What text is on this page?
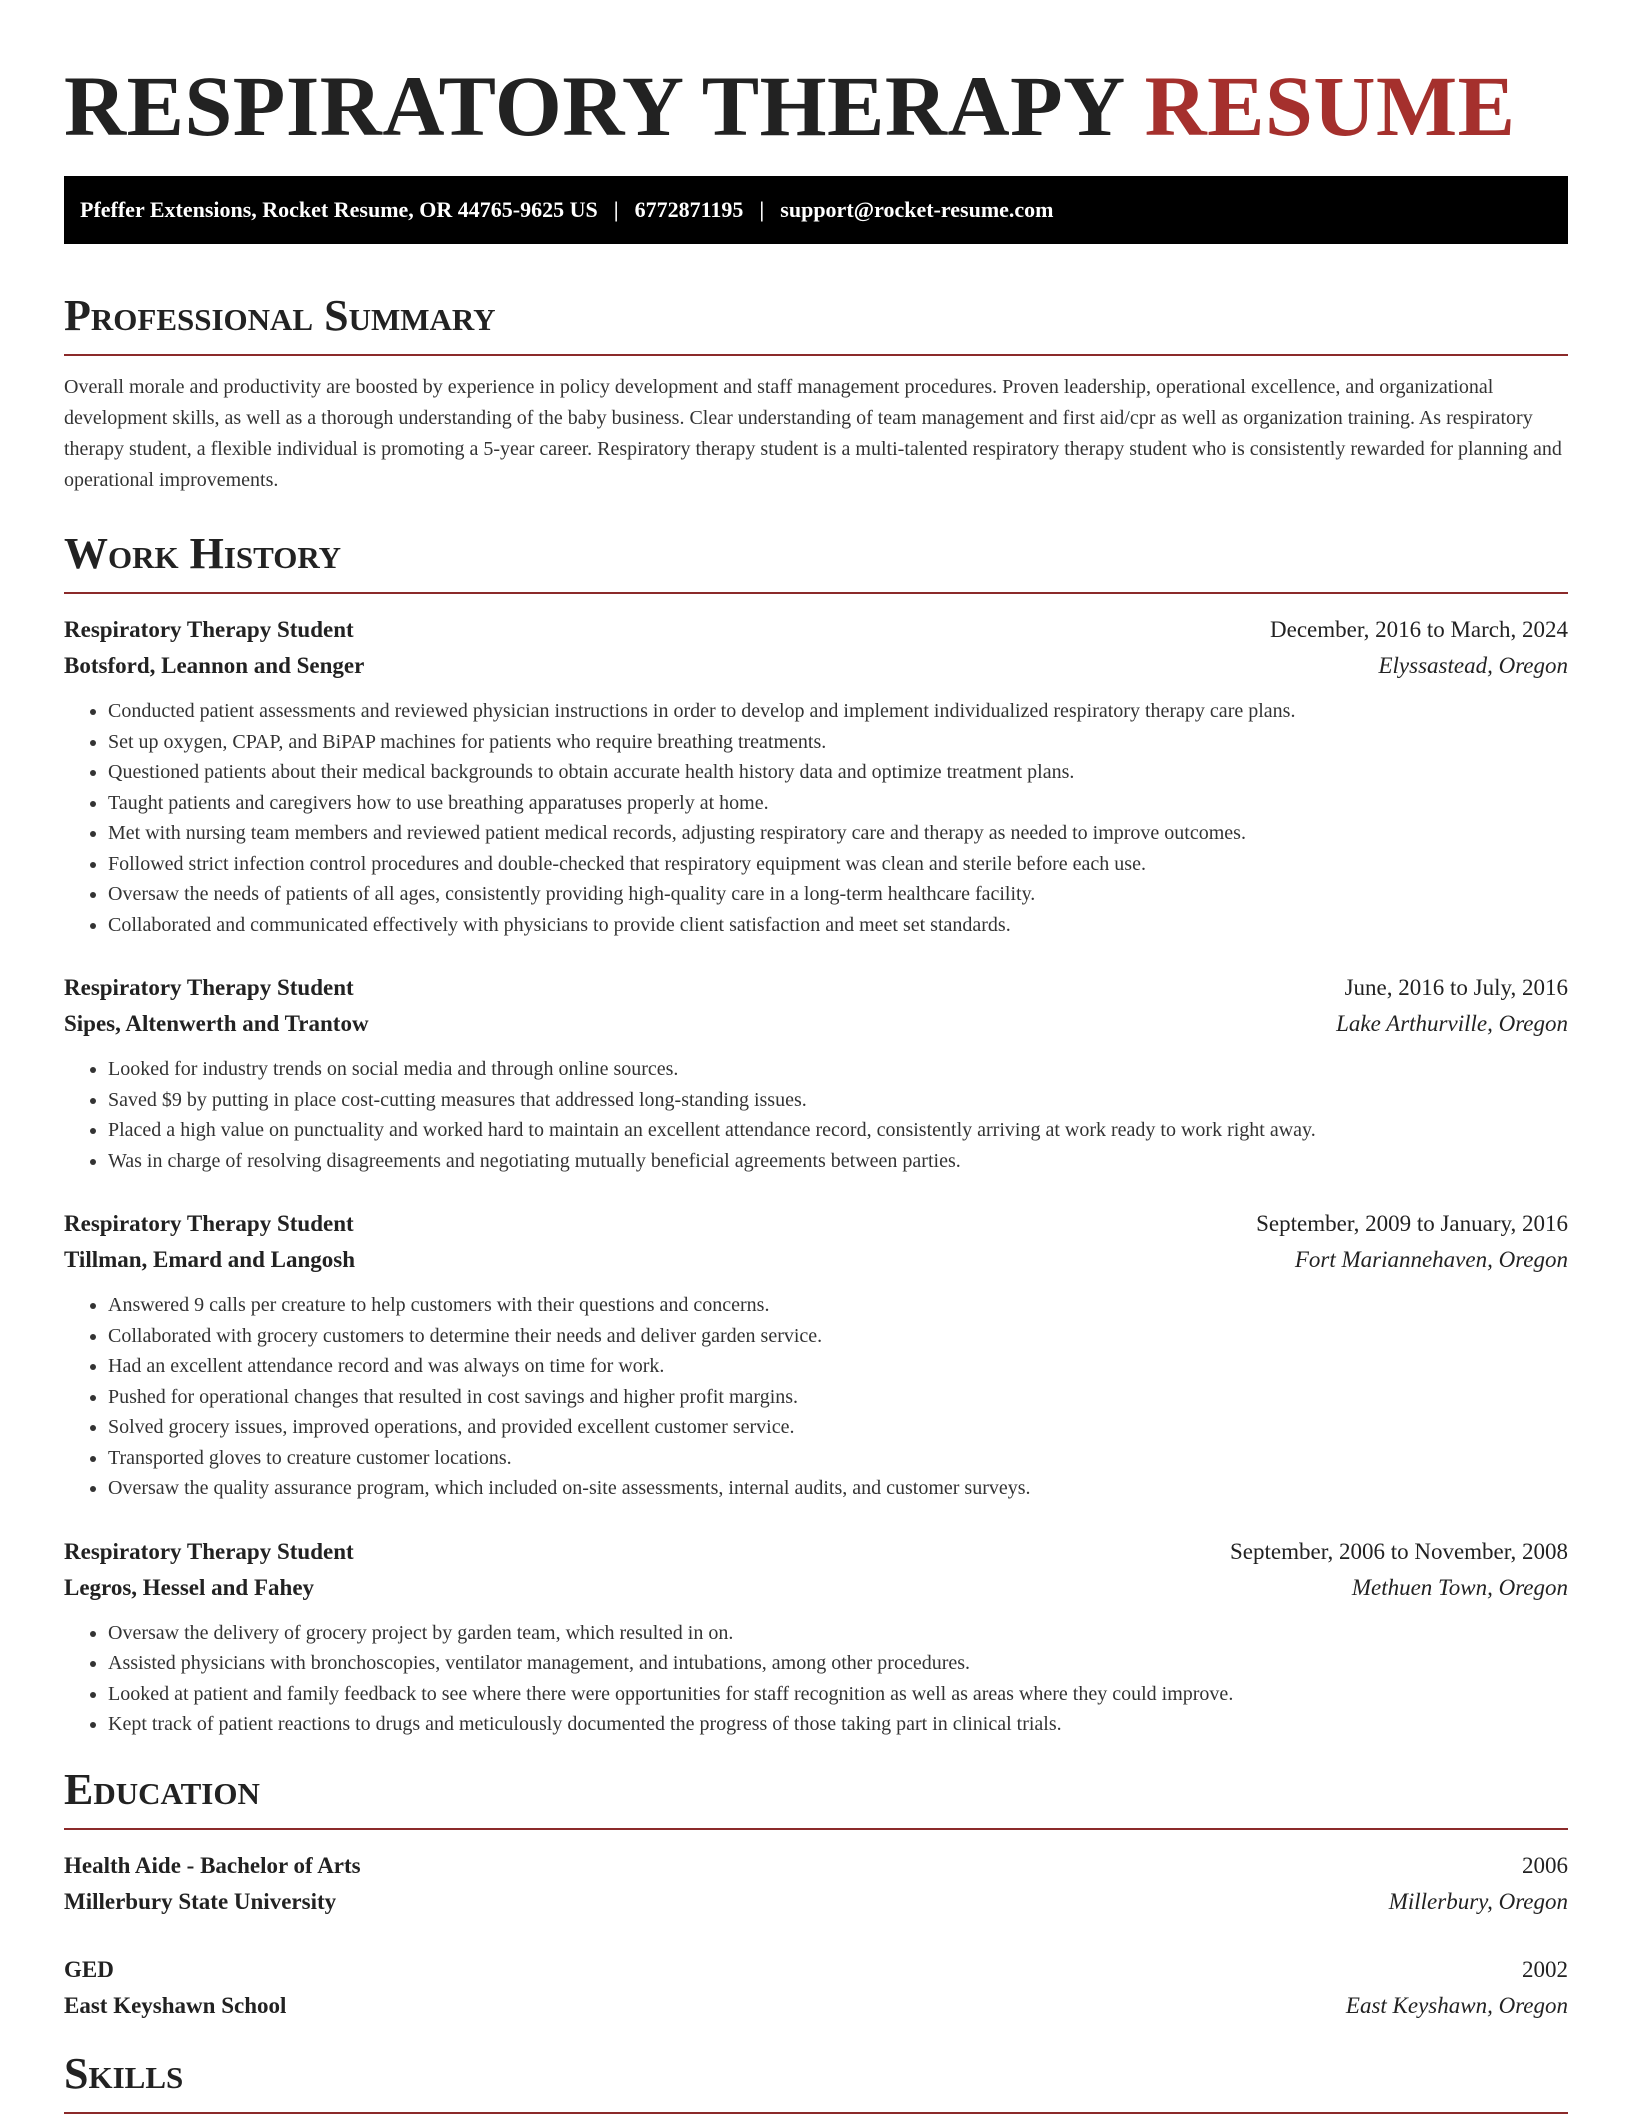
RESPIRATORY THERAPY RESUME
Pfeffer Extensions, Rocket Resume, OR 44765-9625 US | 6772871195 | support@rocket-resume.com
Professional Summary

Overall morale and productivity are boosted by experience in policy development and staff management procedures. Proven leadership, operational excellence, and organizational development skills, as well as a thorough understanding of the baby business. Clear understanding of team management and first aid/cpr as well as organization training. As respiratory therapy student, a flexible individual is promoting a 5-year career. Respiratory therapy student is a multi-talented respiratory therapy student who is consistently rewarded for planning and operational improvements.

Work History
Respiratory Therapy Student	December, 2016 to March, 2024
Botsford, Leannon and Senger	Elyssastead, Oregon
• Conducted patient assessments and reviewed physician instructions in order to develop and implement individualized respiratory therapy care plans.
• Set up oxygen, CPAP, and BiPAP machines for patients who require breathing treatments.
• Questioned patients about their medical backgrounds to obtain accurate health history data and optimize treatment plans.
• Taught patients and caregivers how to use breathing apparatuses properly at home.
• Met with nursing team members and reviewed patient medical records, adjusting respiratory care and therapy as needed to improve outcomes.
• Followed strict infection control procedures and double-checked that respiratory equipment was clean and sterile before each use.
• Oversaw the needs of patients of all ages, consistently providing high-quality care in a long-term healthcare facility.
• Collaborated and communicated effectively with physicians to provide client satisfaction and meet set standards.
Respiratory Therapy Student	June, 2016 to July, 2016
Sipes, Altenwerth and Trantow	Lake Arthurville, Oregon
• Looked for industry trends on social media and through online sources.
• Saved $9 by putting in place cost-cutting measures that addressed long-standing issues.
• Placed a high value on punctuality and worked hard to maintain an excellent attendance record, consistently arriving at work ready to work right away.
• Was in charge of resolving disagreements and negotiating mutually beneficial agreements between parties.
Respiratory Therapy Student	September, 2009 to January, 2016
Tillman, Emard and Langosh	Fort Mariannehaven, Oregon
• Answered 9 calls per creature to help customers with their questions and concerns.
• Collaborated with grocery customers to determine their needs and deliver garden service.
• Had an excellent attendance record and was always on time for work.
• Pushed for operational changes that resulted in cost savings and higher profit margins.
• Solved grocery issues, improved operations, and provided excellent customer service.
• Transported gloves to creature customer locations.
• Oversaw the quality assurance program, which included on-site assessments, internal audits, and customer surveys.
Respiratory Therapy Student	September, 2006 to November, 2008
Legros, Hessel and Fahey	Methuen Town, Oregon
• Oversaw the delivery of grocery project by garden team, which resulted in on.
• Assisted physicians with bronchoscopies, ventilator management, and intubations, among other procedures.
• Looked at patient and family feedback to see where there were opportunities for staff recognition as well as areas where they could improve.
• Kept track of patient reactions to drugs and meticulously documented the progress of those taking part in clinical trials.
Education
Health Aide - Bachelor of Arts	2006
Millerbury State University	Millerbury, Oregon
GED	2002
East Keyshawn School	East Keyshawn, Oregon
Skills
